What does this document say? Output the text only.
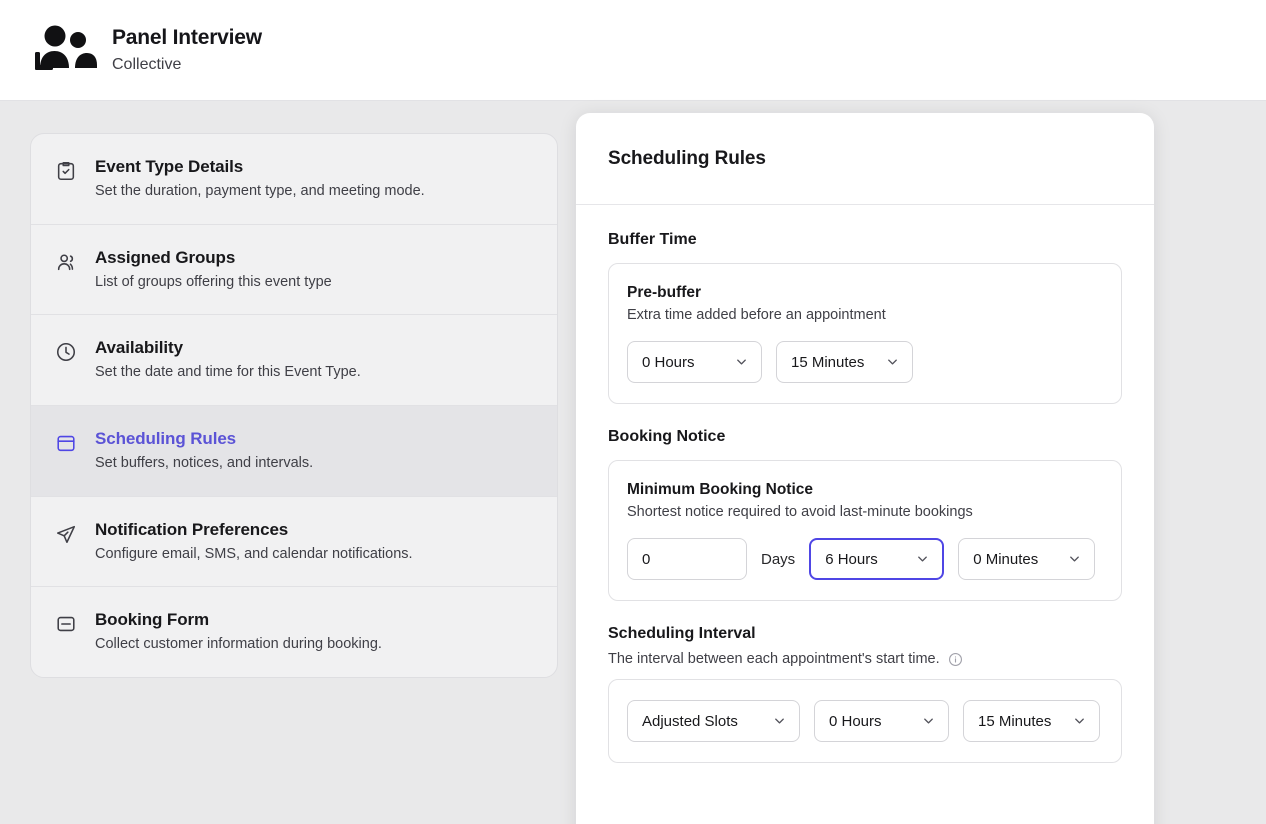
Panel Interview
Collective
Event Type Details
Set the duration, payment type, and meeting mode.
Assigned Groups
List of groups offering this event type
Availability
Set the date and time for this Event Type.
Scheduling Rules
Set buffers, notices, and intervals.
Notification Preferences
Configure email, SMS, and calendar notifications.
Booking Form
Collect customer information during booking.
Scheduling Rules
Buffer Time
Pre-buffer
Extra time added before an appointment
0 Hours	15 Minutes
Booking Notice
Minimum Booking Notice
Shortest notice required to avoid last-minute bookings
0
Days 6 Hours	0 Minutes
Scheduling Interval
The interval between each appointment's start time.
Adjusted Slots	0 Hours	15 Minutes
